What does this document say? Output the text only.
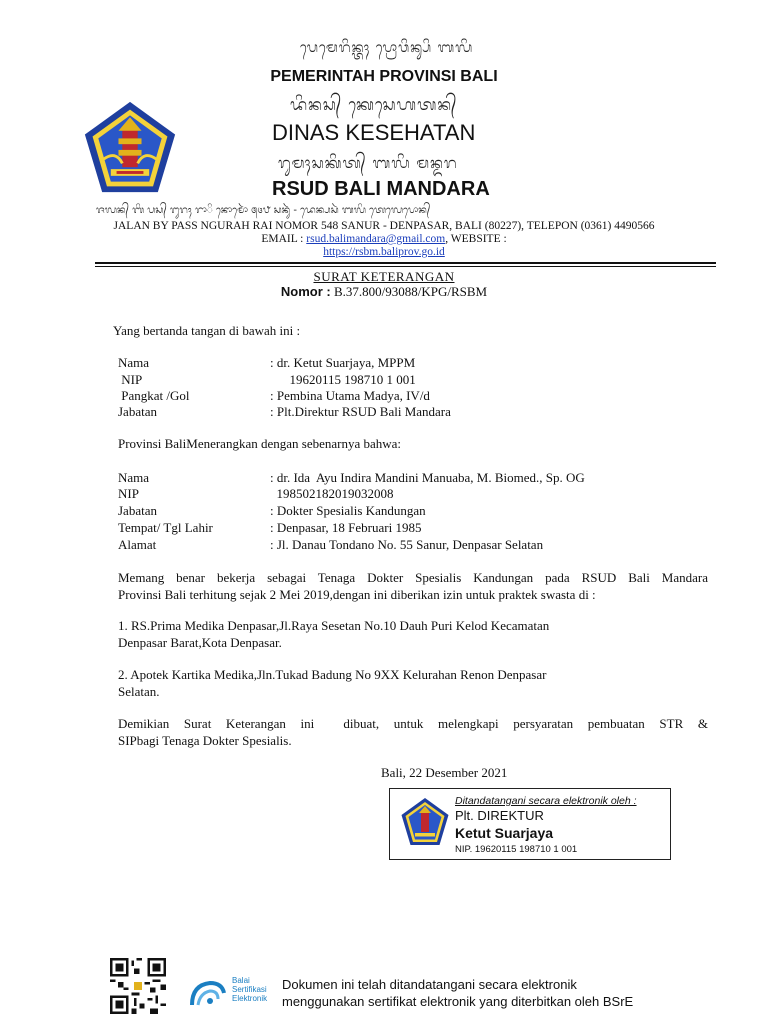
ᬧᬾᬫᬾᬭᬶᬦ᭄ᬢᬄ ᬧ᭄ᬭᭀᬯᬶᬦ᭄ᬲᬶ ᬩᬮᬶ
PEMERINTAH PROVINSI BALI
ᬤᬶᬦᬲ᭄ ᬓᬾᬲᬾᬳᬢᬦ᭄
DINAS KESEHATAN
ᬭᬸᬫᬄᬲᬓᬶᬢ᭄ ᬩᬮᬶ ᬫᬦ᭄ᬤᬭ
RSUD BALI MANDARA
ᬚᬮᬦ᭄ ᬩᬶ ᬧᬲ᭄ ᬗᬸᬭᬄ ᬭᬵᬶ ᬦᭀᬫᭀᬃ ᭕᭔᭘ ᬲᬦᬸᬃ - ᬤᬾᬦ᭄ᬧᬲᬃ ᬩᬮᬶ ᬢᬾᬮᬾᬧᭀᬦ᭄
JALAN BY PASS NGURAH RAI NOMOR 548 SANUR - DENPASAR, BALI (80227), TELEPON (0361) 4490566
EMAIL : rsud.balimandara@gmail.com, WEBSITE :
https://rsbm.baliprov.go.id
SURAT KETERANGAN
Nomor : B.37.800/93088/KPG/RSBM
Yang bertanda tangan di bawah ini :
Nama	: dr. Ketut Suarjaya, MPPM
NIP	19620115 198710 1 001
Pangkat /Gol	: Pembina Utama Madya, IV/d
Jabatan	: Plt.Direktur RSUD Bali Mandara
Provinsi BaliMenerangkan dengan sebenarnya bahwa:
Nama	: dr. Ida  Ayu Indira Mandini Manuaba, M. Biomed., Sp. OG
NIP	198502182019032008
Jabatan	: Dokter Spesialis Kandungan
Tempat/ Tgl Lahir	: Denpasar, 18 Februari 1985
Alamat	: Jl. Danau Tondano No. 55 Sanur, Denpasar Selatan
Memang benar bekerja sebagai Tenaga Dokter Spesialis Kandungan pada RSUD Bali Mandara
Provinsi Bali terhitung sejak 2 Mei 2019,dengan ini diberikan izin untuk praktek swasta di :
1. RS.Prima Medika Denpasar,Jl.Raya Sesetan No.10 Dauh Puri Kelod Kecamatan
Denpasar Barat,Kota Denpasar.
2. Apotek Kartika Medika,Jln.Tukad Badung No 9XX Kelurahan Renon Denpasar
Selatan.
Demikian Surat Keterangan ini  dibuat, untuk melengkapi persyaratan pembuatan STR &
SIPbagi Tenaga Dokter Spesialis.
Bali, 22 Desember 2021
Ditandatangani secara elektronik oleh :
Plt. DIREKTUR
Ketut Suarjaya
NIP. 19620115 198710 1 001
Balai
Sertifikasi
Elektronik
Dokumen ini telah ditandatangani secara elektronik
menggunakan sertifikat elektronik yang diterbitkan oleh BSrE
